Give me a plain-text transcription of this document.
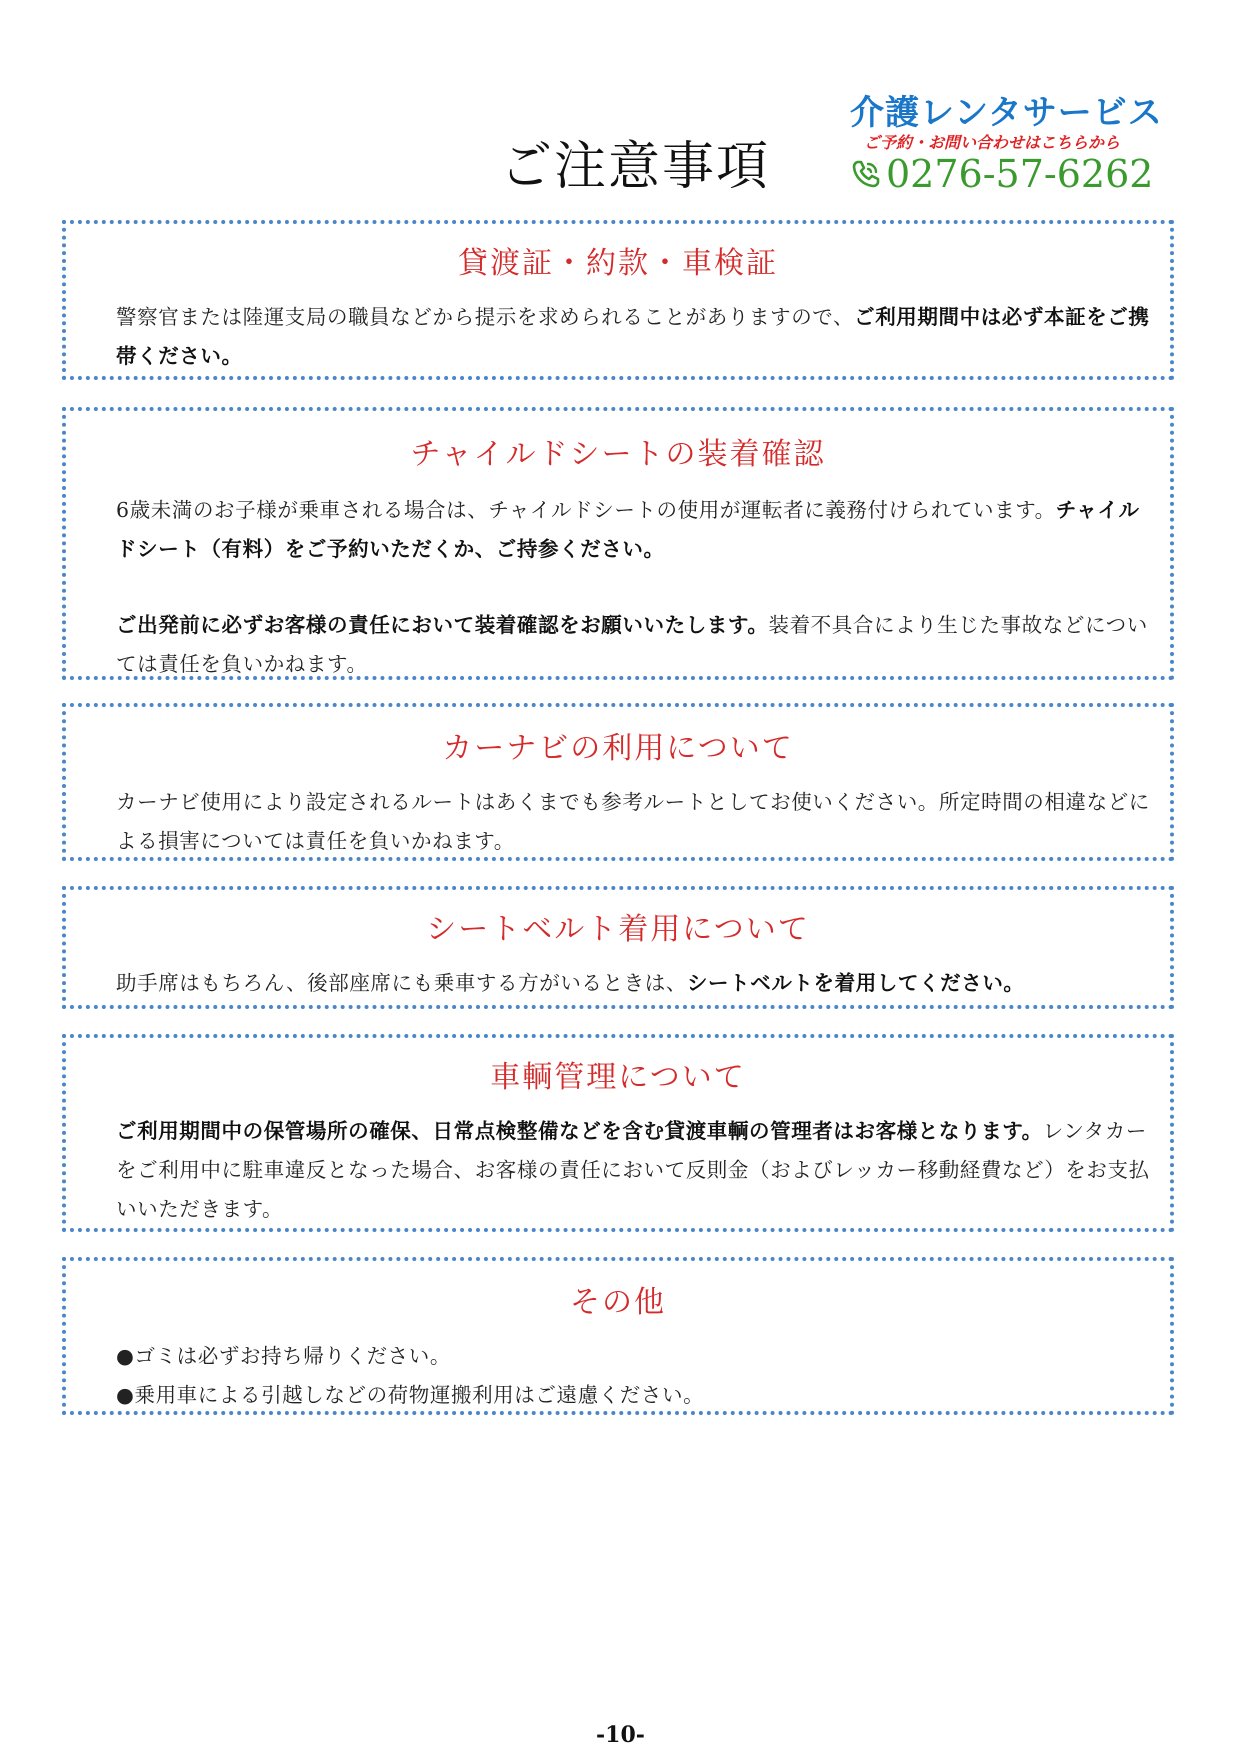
ご注意事項
介護レンタサービス
ご予約・お問い合わせはこちらから
0276-57-6262
貸渡証・約款・車検証

警察官または陸運支局の職員などから提示を求められることがありますので、ご利用期間中は必ず本証をご携帯ください。

チャイルドシートの装着確認

6歳未満のお子様が乗車される場合は、チャイルドシートの使用が運転者に義務付けられています。チャイルドシート（有料）をご予約いただくか、ご持参ください。

ご出発前に必ずお客様の責任において装着確認をお願いいたします。装着不具合により生じた事故などについては責任を負いかねます。

カーナビの利用について

カーナビ使用により設定されるルートはあくまでも参考ルートとしてお使いください。所定時間の相違などによる損害については責任を負いかねます。

シートベルト着用について

助手席はもちろん、後部座席にも乗車する方がいるときは、シートベルトを着用してください。

車輌管理について

ご利用期間中の保管場所の確保、日常点検整備などを含む貸渡車輌の管理者はお客様となります。レンタカーをご利用中に駐車違反となった場合、お客様の責任において反則金（およびレッカー移動経費など）をお支払いいただきます。

その他

●ゴミは必ずお持ち帰りください。

●乗用車による引越しなどの荷物運搬利用はご遠慮ください。

-10-
